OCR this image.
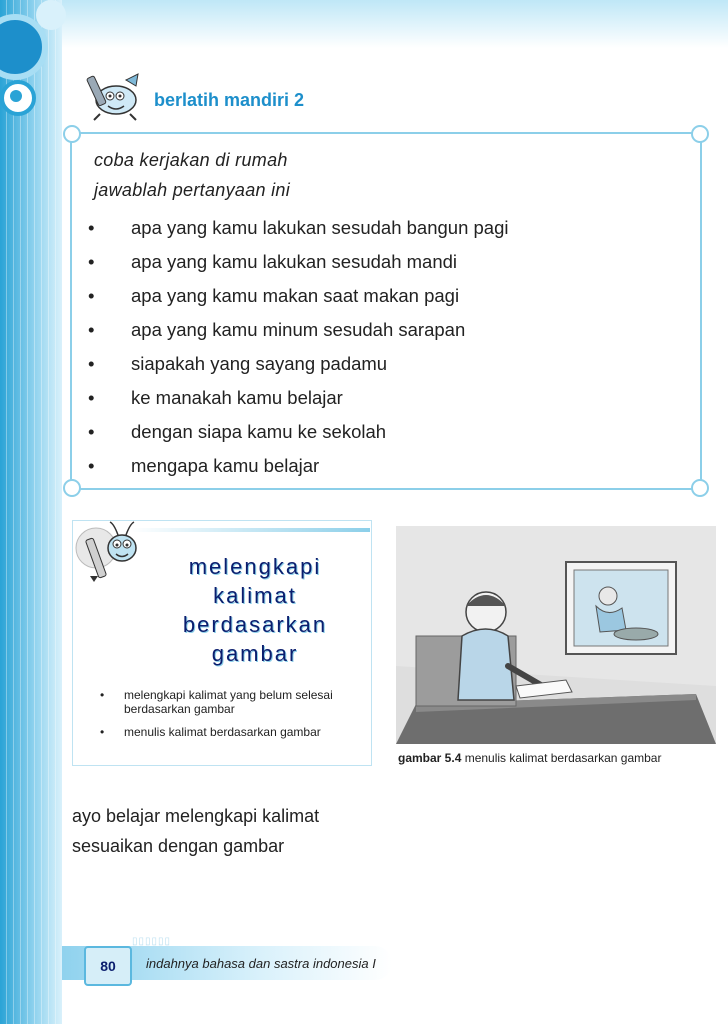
berlatih mandiri 2
coba kerjakan di rumah
jawablah pertanyaan ini
•	apa yang kamu lakukan sesudah bangun pagi
•	apa yang kamu lakukan sesudah mandi
•	apa yang kamu makan saat makan pagi
•	apa yang kamu minum sesudah sarapan
•	siapakah yang sayang padamu
•	ke manakah kamu belajar
•	dengan siapa kamu ke sekolah
•	mengapa kamu belajar
melengkapi
kalimat
berdasarkan
gambar
• melengkapi kalimat yang belum selesai berdasarkan gambar
• menulis kalimat berdasarkan gambar
gambar 5.4 menulis kalimat berdasarkan gambar
ayo belajar melengkapi kalimat
sesuaikan dengan gambar
▯▯▯▯▯▯
80	indahnya bahasa dan sastra indonesia I
